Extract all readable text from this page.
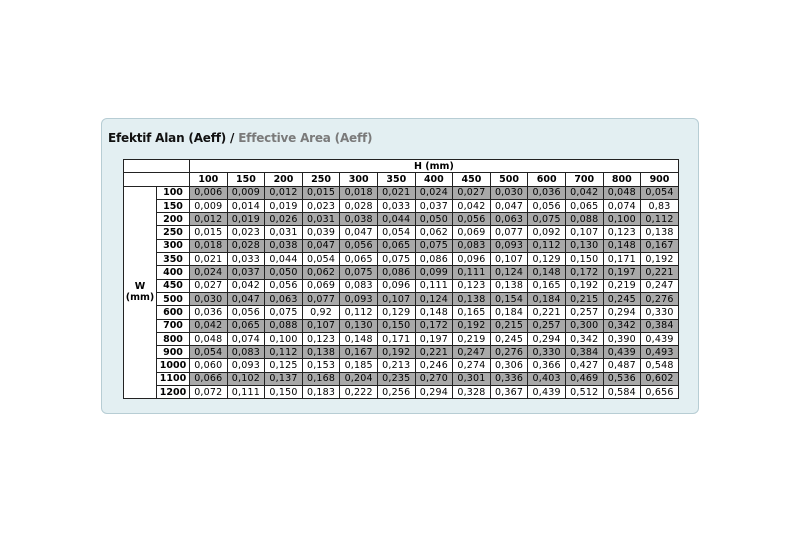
Efektif Alan (Aeff) / Effective Area (Aeff)
		H (mm)												
		100	150	200	250	300	350	400	450	500	600	700	800	900

W
(mm)	100	0,006	0,009	0,012	0,015	0,018	0,021	0,024	0,027	0,030	0,036	0,042	0,048	0,054
	150	0,009	0,014	0,019	0,023	0,028	0,033	0,037	0,042	0,047	0,056	0,065	0,074	0,83
	200	0,012	0,019	0,026	0,031	0,038	0,044	0,050	0,056	0,063	0,075	0,088	0,100	0,112
	250	0,015	0,023	0,031	0,039	0,047	0,054	0,062	0,069	0,077	0,092	0,107	0,123	0,138
	300	0,018	0,028	0,038	0,047	0,056	0,065	0,075	0,083	0,093	0,112	0,130	0,148	0,167
	350	0,021	0,033	0,044	0,054	0,065	0,075	0,086	0,096	0,107	0,129	0,150	0,171	0,192
	400	0,024	0,037	0,050	0,062	0,075	0,086	0,099	0,111	0,124	0,148	0,172	0,197	0,221
	450	0,027	0,042	0,056	0,069	0,083	0,096	0,111	0,123	0,138	0,165	0,192	0,219	0,247
	500	0,030	0,047	0,063	0,077	0,093	0,107	0,124	0,138	0,154	0,184	0,215	0,245	0,276
	600	0,036	0,056	0,075	0,92	0,112	0,129	0,148	0,165	0,184	0,221	0,257	0,294	0,330
	700	0,042	0,065	0,088	0,107	0,130	0,150	0,172	0,192	0,215	0,257	0,300	0,342	0,384
	800	0,048	0,074	0,100	0,123	0,148	0,171	0,197	0,219	0,245	0,294	0,342	0,390	0,439
	900	0,054	0,083	0,112	0,138	0,167	0,192	0,221	0,247	0,276	0,330	0,384	0,439	0,493
	1000	0,060	0,093	0,125	0,153	0,185	0,213	0,246	0,274	0,306	0,366	0,427	0,487	0,548
	1100	0,066	0,102	0,137	0,168	0,204	0,235	0,270	0,301	0,336	0,403	0,469	0,536	0,602
	1200	0,072	0,111	0,150	0,183	0,222	0,256	0,294	0,328	0,367	0,439	0,512	0,584	0,656
